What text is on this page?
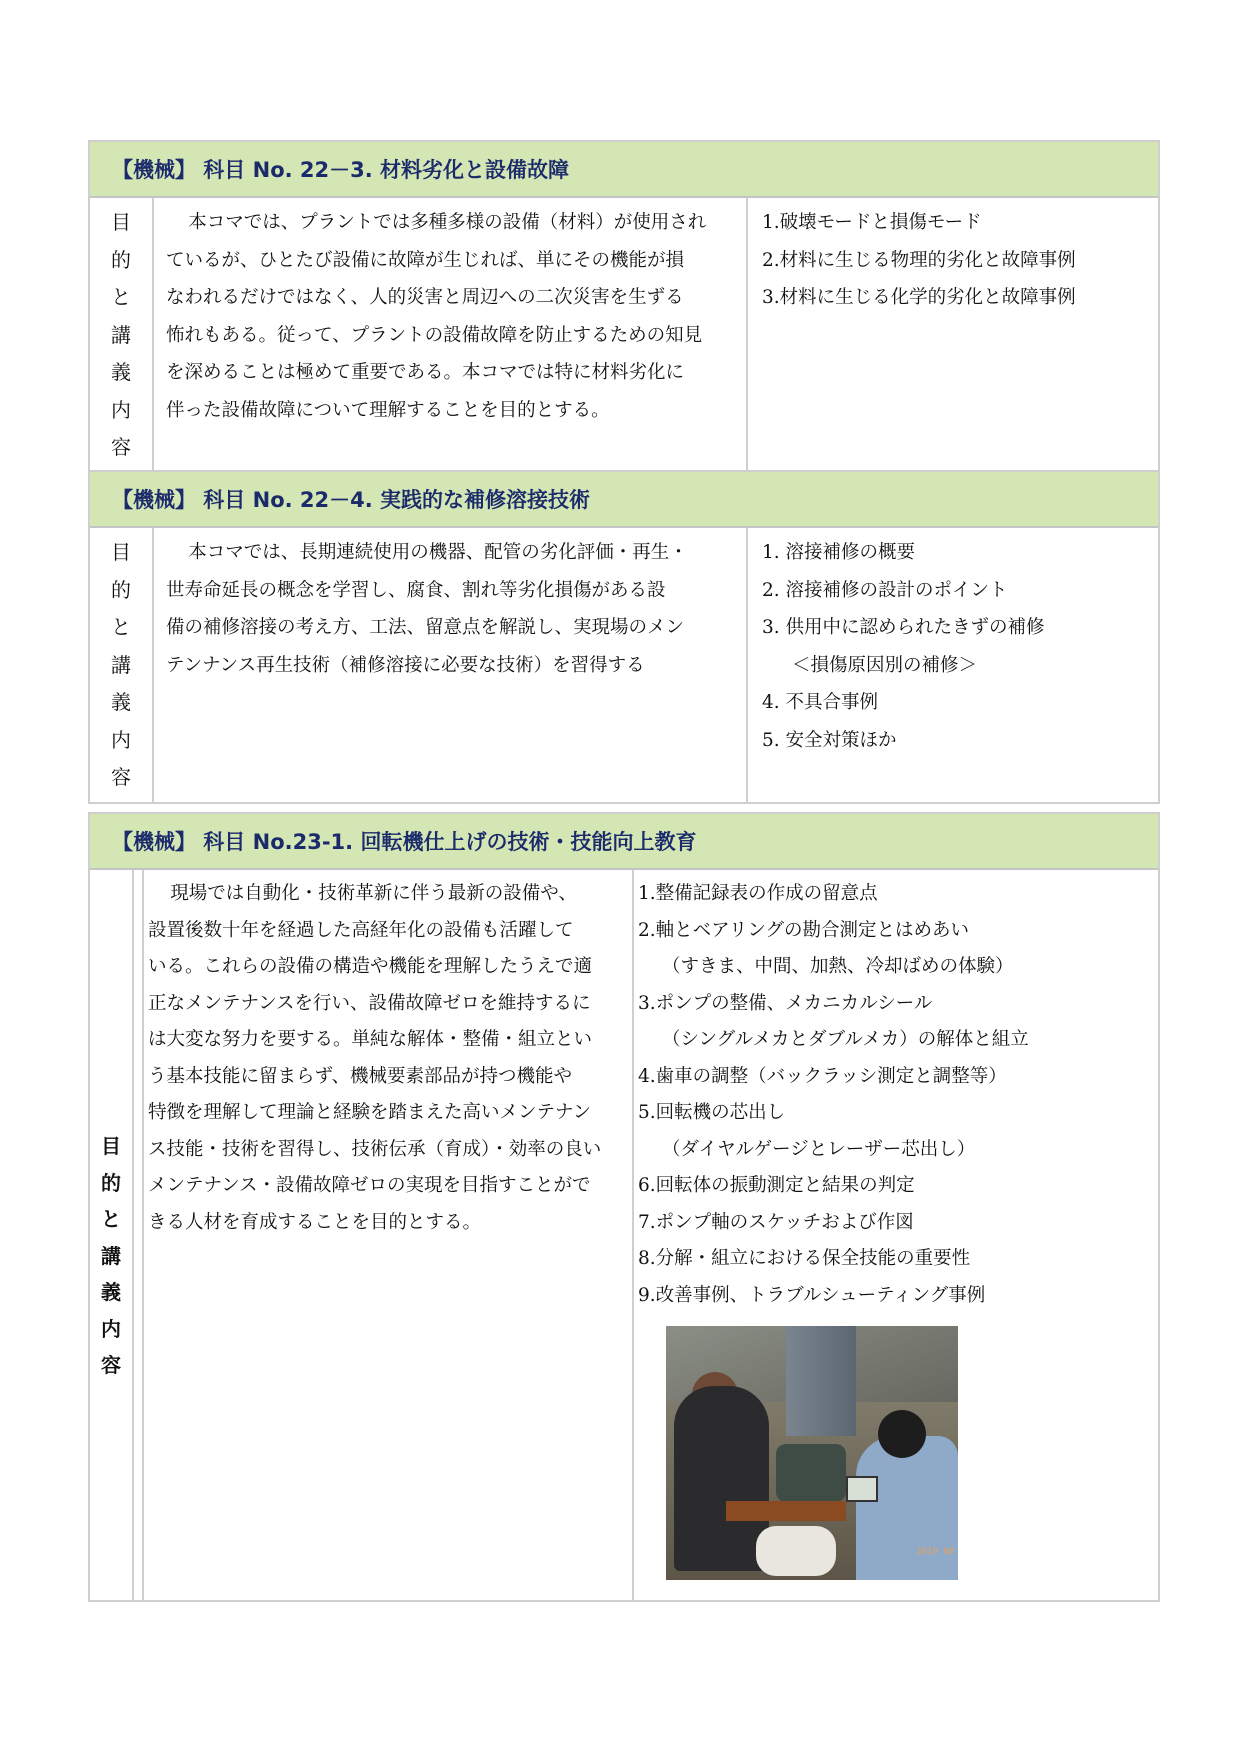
【機械】 科目 No. 22－3. 材料劣化と設備故障
目
的
と
講
義
内
容
本コマでは、プラントでは多種多様の設備（材料）が使用され
ているが、ひとたび設備に故障が生じれば、単にその機能が損
なわれるだけではなく、人的災害と周辺への二次災害を生ずる
怖れもある。従って、プラントの設備故障を防止するための知見
を深めることは極めて重要である。本コマでは特に材料劣化に
伴った設備故障について理解することを目的とする。
1.破壊モードと損傷モード
2.材料に生じる物理的劣化と故障事例
3.材料に生じる化学的劣化と故障事例
【機械】 科目 No. 22－4. 実践的な補修溶接技術
目
的
と
講
義
内
容
本コマでは、長期連続使用の機器、配管の劣化評価・再生・
世寿命延長の概念を学習し、腐食、割れ等劣化損傷がある設
備の補修溶接の考え方、工法、留意点を解説し、実現場のメン
テンナンス再生技術（補修溶接に必要な技術）を習得する
1. 溶接補修の概要
2. 溶接補修の設計のポイント
3. 供用中に認められたきずの補修
＜損傷原因別の補修＞
4. 不具合事例
5. 安全対策ほか
【機械】 科目 No.23-1. 回転機仕上げの技術・技能向上教育
目
的
と
講
義
内
容
現場では自動化・技術革新に伴う最新の設備や、
設置後数十年を経過した高経年化の設備も活躍して
いる。これらの設備の構造や機能を理解したうえで適
正なメンテナンスを行い、設備故障ゼロを維持するに
は大変な努力を要する。単純な解体・整備・組立とい
う基本技能に留まらず、機械要素部品が持つ機能や
特徴を理解して理論と経験を踏まえた高いメンテナン
ス技能・技術を習得し、技術伝承（育成）・効率の良い
メンテナンス・設備故障ゼロの実現を目指すことがで
きる人材を育成することを目的とする。
1.整備記録表の作成の留意点
2.軸とベアリングの勘合測定とはめあい
（すきま、中間、加熱、冷却ばめの体験）
3.ポンプの整備、メカニカルシール
（シングルメカとダブルメカ）の解体と組立
4.歯車の調整（バックラッシ測定と調整等）
5.回転機の芯出し
（ダイヤルゲージとレーザー芯出し）
6.回転体の振動測定と結果の判定
7.ポンプ軸のスケッチおよび作図
8.分解・組立における保全技能の重要性
9.改善事例、トラブルシューティング事例
2019 08
